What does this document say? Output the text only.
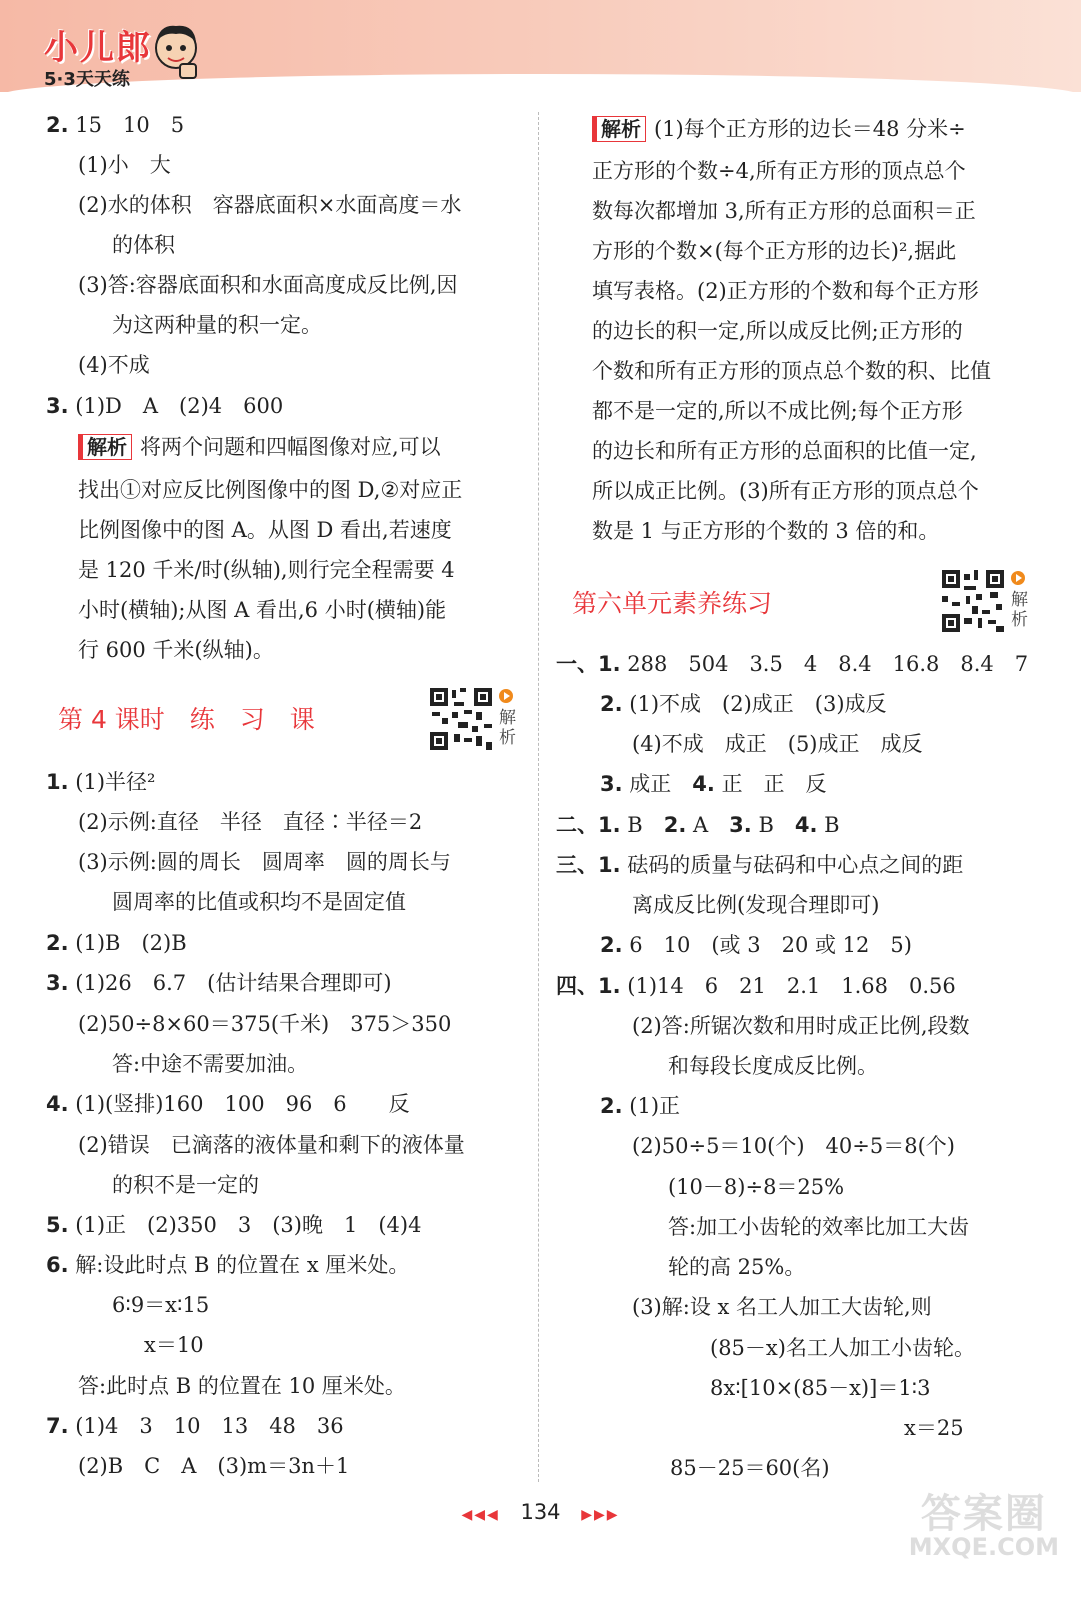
小儿郎
5·3天天练
2. 15　10　5
(1)小　大
(2)水的体积　容器底面积×水面高度＝水
的体积
(3)答:容器底面积和水面高度成反比例,因
为这两种量的积一定。
(4)不成
3. (1)D　A　(2)4　600
解析 将两个问题和四幅图像对应,可以
找出①对应反比例图像中的图 D,②对应正
比例图像中的图 A。从图 D 看出,若速度
是 120 千米/时(纵轴),则行完全程需要 4
小时(横轴);从图 A 看出,6 小时(横轴)能
行 600 千米(纵轴)。
第 4 课时　练　习　课	解析
1. (1)半径²
(2)示例:直径　半径　直径∶半径＝2
(3)示例:圆的周长　圆周率　圆的周长与
圆周率的比值或积均不是固定值
2. (1)B　(2)B
3. (1)26　6.7　(估计结果合理即可)
(2)50÷8×60＝375(千米)　375＞350
答:中途不需要加油。
4. (1)(竖排)160　100　96　6　　反
(2)错误　已滴落的液体量和剩下的液体量
的积不是一定的
5. (1)正　(2)350　3　(3)晚　1　(4)4
6. 解:设此时点 B 的位置在 x 厘米处。
6∶9＝x∶15
x＝10
答:此时点 B 的位置在 10 厘米处。
7. (1)4　3　10　13　48　36
(2)B　C　A　(3)m＝3n＋1
解析 (1)每个正方形的边长＝48 分米÷
正方形的个数÷4,所有正方形的顶点总个
数每次都增加 3,所有正方形的总面积＝正
方形的个数×(每个正方形的边长)²,据此
填写表格。(2)正方形的个数和每个正方形
的边长的积一定,所以成反比例;正方形的
个数和所有正方形的顶点总个数的积、比值
都不是一定的,所以不成比例;每个正方形
的边长和所有正方形的总面积的比值一定,
所以成正比例。(3)所有正方形的顶点总个
数是 1 与正方形的个数的 3 倍的和。
第六单元素养练习	解析
一、1. 288　504　3.5　4　8.4　16.8　8.4　7
2. (1)不成　(2)成正　(3)成反
(4)不成　成正　(5)成正　成反
3. 成正　4. 正　正　反
二、1. B　2. A　3. B　4. B
三、1. 砝码的质量与砝码和中心点之间的距
离成反比例(发现合理即可)
2. 6　10　(或 3　20 或 12　5)
四、1. (1)14　6　21　2.1　1.68　0.56
(2)答:所锯次数和用时成正比例,段数
和每段长度成反比例。
2. (1)正
(2)50÷5＝10(个)　40÷5＝8(个)
(10－8)÷8＝25%
答:加工小齿轮的效率比加工大齿
轮的高 25%。
(3)解:设 x 名工人加工大齿轮,则
(85－x)名工人加工小齿轮。
8x∶[10×(85－x)]＝1∶3
x＝25
85－25＝60(名)
◀◀◀ 134 ▶▶▶	答案圈
MXQE.COM
